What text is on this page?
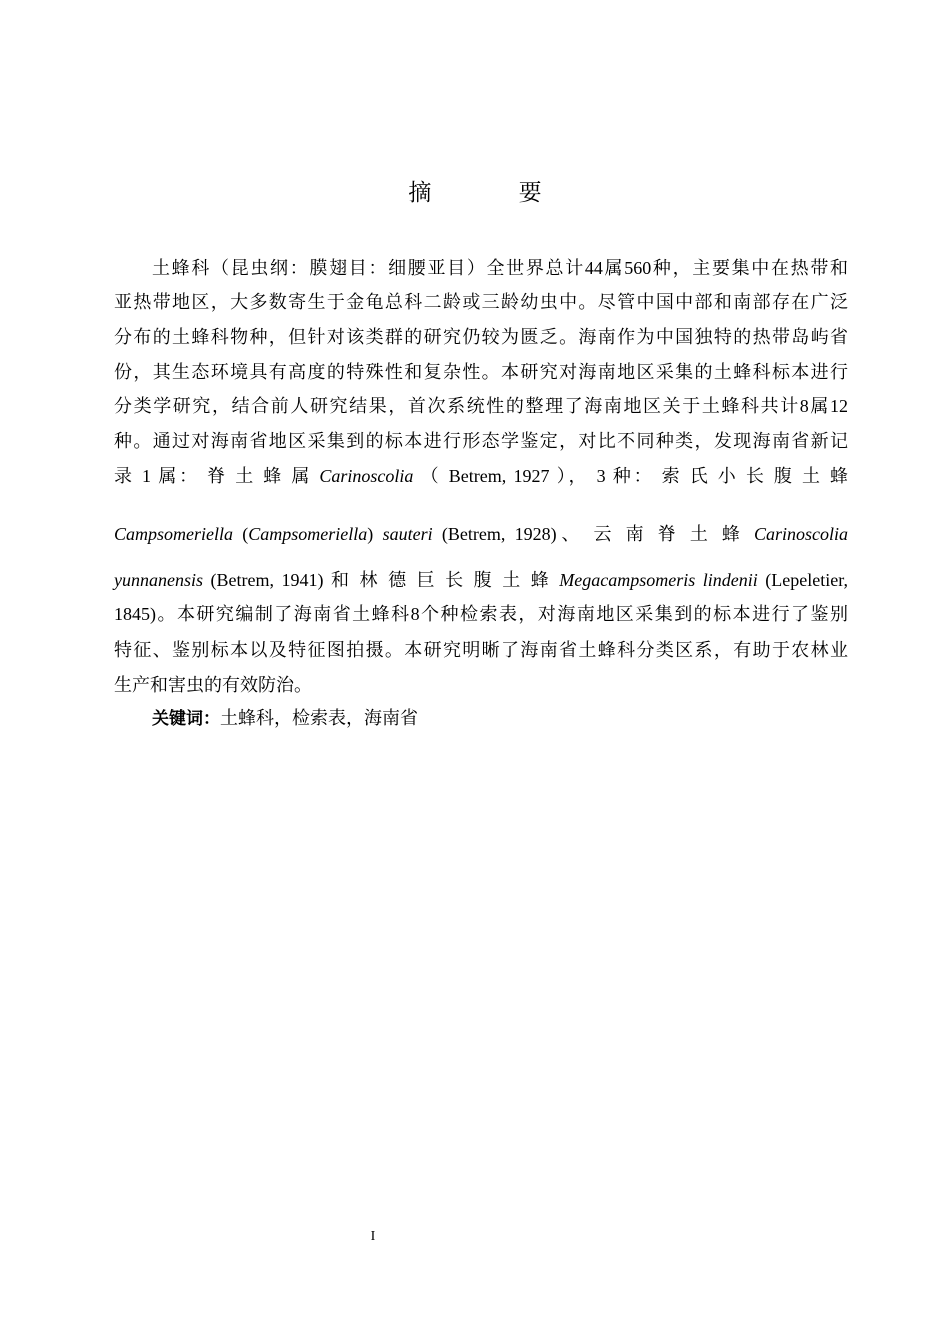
摘 要
土蜂科（昆虫纲：膜翅目：细腰亚目）全世界总计44属560种，主要集中在热带和
亚热带地区，大多数寄生于金龟总科二龄或三龄幼虫中。尽管中国中部和南部存在广泛
分布的土蜂科物种，但针对该类群的研究仍较为匮乏。海南作为中国独特的热带岛屿省
份，其生态环境具有高度的特殊性和复杂性。本研究对海南地区采集的土蜂科标本进行
分类学研究，结合前人研究结果，首次系统性的整理了海南地区关于土蜂科共计8属12
种。通过对海南省地区采集到的标本进行形态学鉴定，对比不同种类，发现海南省新记
录 1 属： 脊 土 蜂 属 Carinoscolia （ Betrem, 1927 ）， 3 种： 索 氏 小 长 腹 土 蜂
Campsomeriella (Campsomeriella) sauteri (Betrem, 1928)、 云 南 脊 土 蜂 Carinoscolia
yunnanensis (Betrem, 1941) 和 林 德 巨 长 腹 土 蜂 Megacampsomeris lindenii (Lepeletier,
1845)。本研究编制了海南省土蜂科8个种检索表，对海南地区采集到的标本进行了鉴别
特征、鉴别标本以及特征图拍摄。本研究明晰了海南省土蜂科分类区系，有助于农林业
生产和害虫的有效防治。
关键词：土蜂科，检索表，海南省
I
